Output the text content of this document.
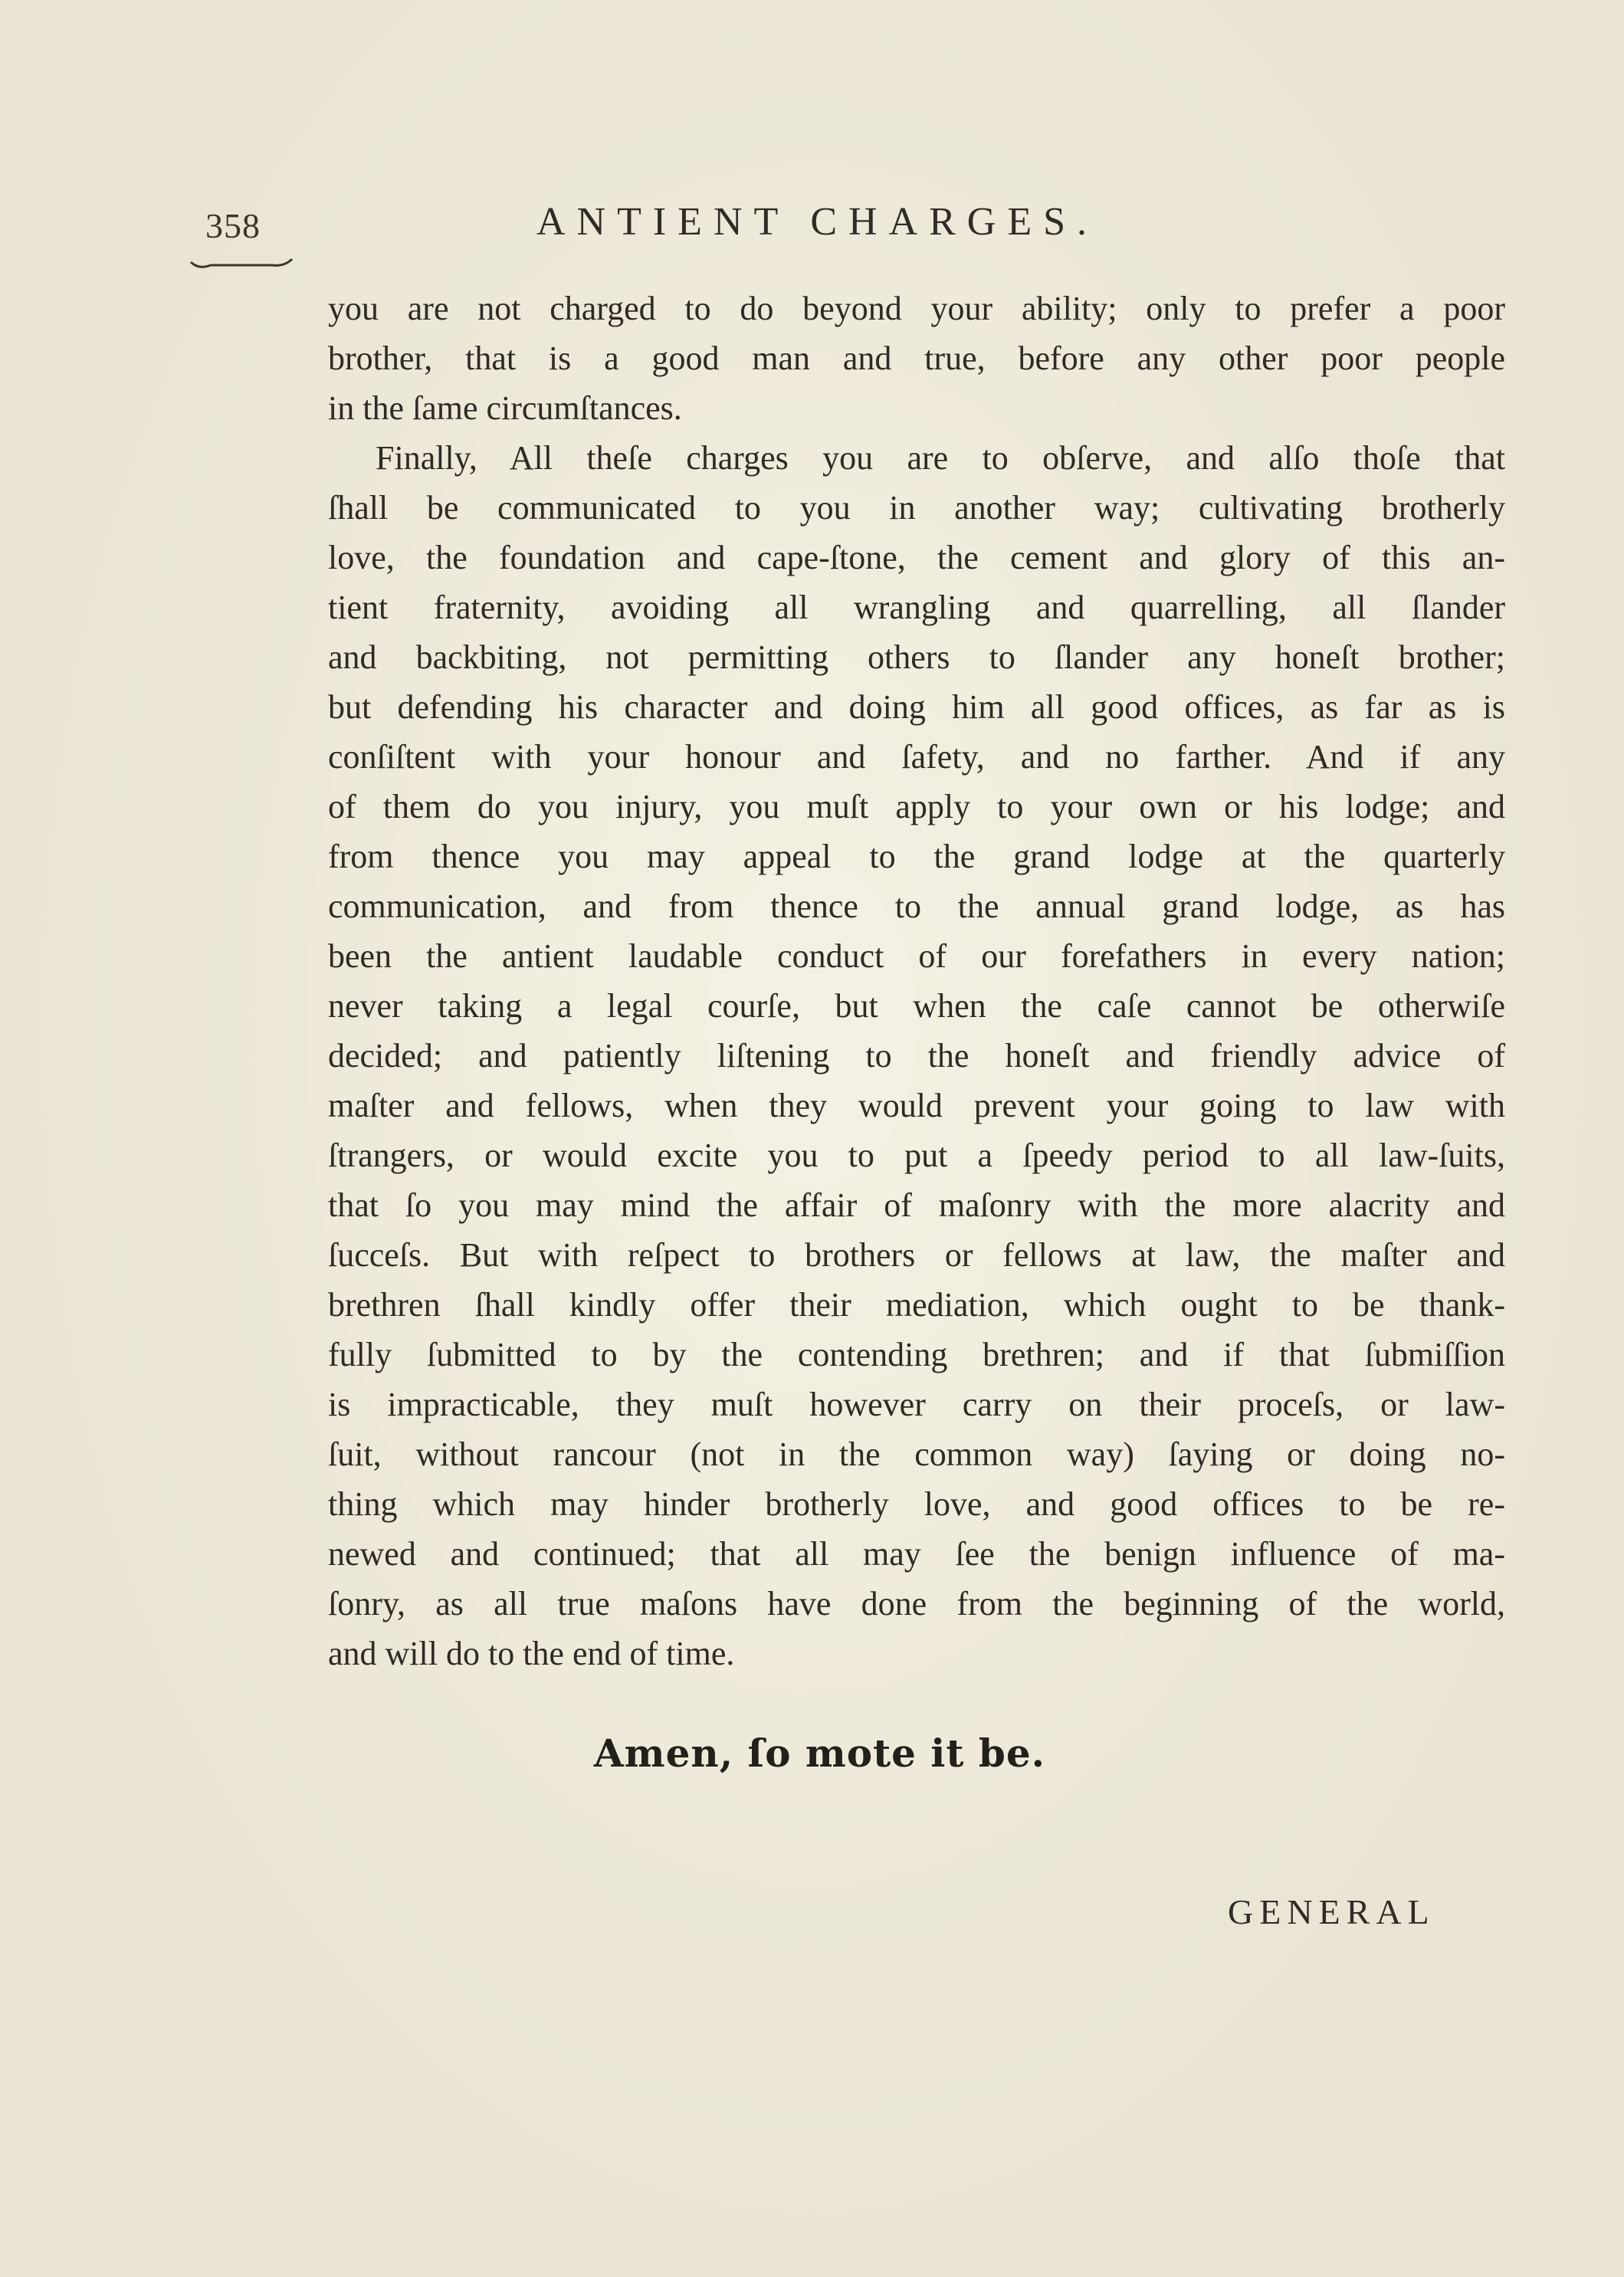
358	ANTIENT CHARGES.
you are not charged to do beyond your ability; only to prefer a poor
brother, that is a good man and true, before any other poor people
in the ſame circumſtances.
Finally, All theſe charges you are to obſerve, and alſo thoſe that
ſhall be communicated to you in another way; cultivating brotherly
love, the foundation and cape-ſtone, the cement and glory of this an-
tient fraternity, avoiding all wrangling and quarrelling, all ſlander
and backbiting, not permitting others to ſlander any honeſt brother;
but defending his character and doing him all good offices, as far as is
conſiſtent with your honour and ſafety, and no farther. And if any
of them do you injury, you muſt apply to your own or his lodge; and
from thence you may appeal to the grand lodge at the quarterly
communication, and from thence to the annual grand lodge, as has
been the antient laudable conduct of our forefathers in every nation;
never taking a legal courſe, but when the caſe cannot be otherwiſe
decided; and patiently liſtening to the honeſt and friendly advice of
maſter and fellows, when they would prevent your going to law with
ſtrangers, or would excite you to put a ſpeedy period to all law-ſuits,
that ſo you may mind the affair of maſonry with the more alacrity and
ſucceſs. But with reſpect to brothers or fellows at law, the maſter and
brethren ſhall kindly offer their mediation, which ought to be thank-
fully ſubmitted to by the contending brethren; and if that ſubmiſſion
is impracticable, they muſt however carry on their proceſs, or law-
ſuit, without rancour (not in the common way) ſaying or doing no-
thing which may hinder brotherly love, and good offices to be re-
newed and continued; that all may ſee the benign influence of ma-
ſonry, as all true maſons have done from the beginning of the world,
and will do to the end of time.
Amen, ſo mote it be.
GENERAL
